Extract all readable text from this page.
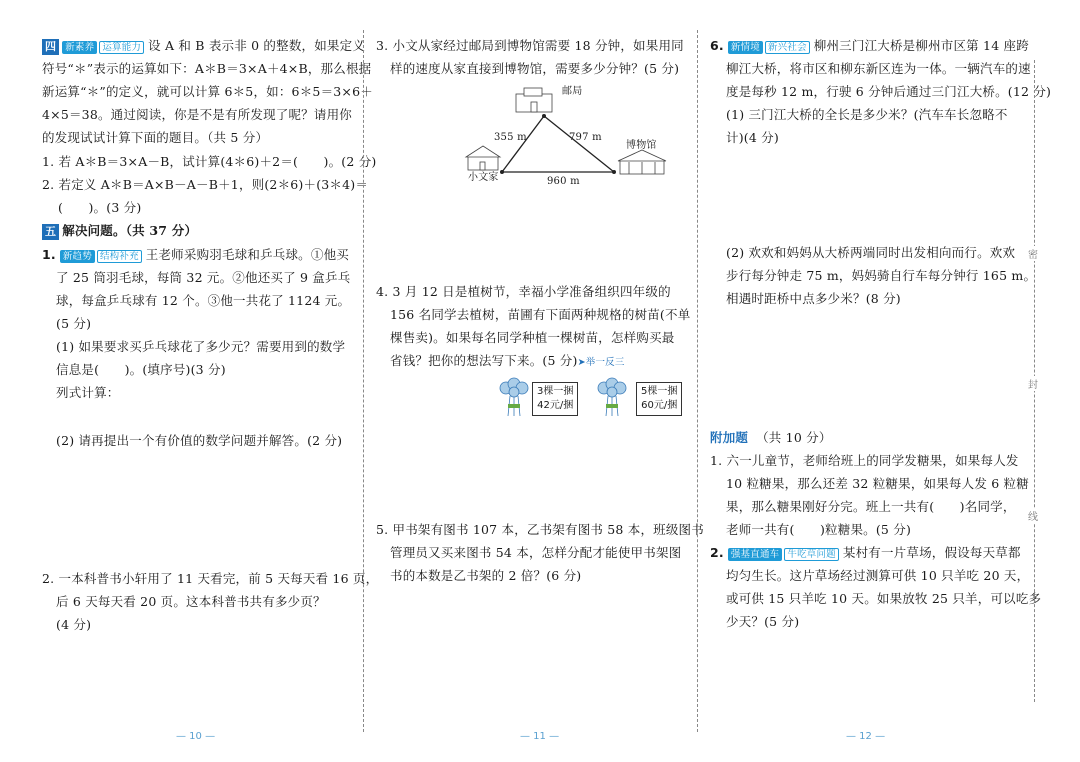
四 新素养 运算能力 设 A 和 B 表示非 0 的整数，如果定义
符号“＊”表示的运算如下：A＊B＝3×A＋4×B，那么根据
新运算“＊”的定义，就可以计算 6＊5，如：6＊5＝3×6＋
4×5＝38。通过阅读，你是不是有所发现了呢？请用你
的发现试试计算下面的题目。（共 5 分）
1. 若 A＊B＝3×A－B，试计算(4＊6)＋2＝(　　)。(2 分)
2. 若定义 A＊B＝A×B－A－B＋1，则(2＊6)＋(3＊4)＝
(　　)。(3 分)
五 解决问题。（共 37 分）
1. 新趋势 结构补充 王老师采购羽毛球和乒乓球。①他买
了 25 筒羽毛球，每筒 32 元。②他还买了 9 盒乒乓
球，每盒乒乓球有 12 个。③他一共花了 1124 元。
(5 分)
(1) 如果要求买乒乓球花了多少元？需要用到的数学
信息是(　　)。(填序号)(3 分)
列式计算：
(2) 请再提出一个有价值的数学问题并解答。(2 分)
2. 一本科普书小轩用了 11 天看完，前 5 天每天看 16 页，
后 6 天每天看 20 页。这本科普书共有多少页？
(4 分)
— 10 —
3. 小文从家经过邮局到博物馆需要 18 分钟，如果用同
样的速度从家直接到博物馆，需要多少分钟？(5 分)
邮局
博物馆
小文家
355 m	797 m
960 m
4. 3 月 12 日是植树节，幸福小学准备组织四年级的
156 名同学去植树，苗圃有下面两种规格的树苗(不单
棵售卖)。如果每名同学种植一棵树苗，怎样购买最
省钱？把你的想法写下来。(5 分)➤举一反三
3棵一捆
42元/捆
5棵一捆
60元/捆
5. 甲书架有图书 107 本，乙书架有图书 58 本，班级图书
管理员又买来图书 54 本，怎样分配才能使甲书架图
书的本数是乙书架的 2 倍？(6 分)
— 11 —
6. 新情境 新兴社会 柳州三门江大桥是柳州市区第 14 座跨
柳江大桥，将市区和柳东新区连为一体。一辆汽车的速
度是每秒 12 m，行驶 6 分钟后通过三门江大桥。(12 分)
(1) 三门江大桥的全长是多少米？(汽车车长忽略不
计)(4 分)
(2) 欢欢和妈妈从大桥两端同时出发相向而行。欢欢
步行每分钟走 75 m，妈妈骑自行车每分钟行 165 m。
相遇时距桥中点多少米？(8 分)
附加题 （共 10 分）
1. 六一儿童节，老师给班上的同学发糖果，如果每人发
10 粒糖果，那么还差 32 粒糖果，如果每人发 6 粒糖
果，那么糖果刚好分完。班上一共有(　　)名同学，
老师一共有(　　)粒糖果。(5 分)
2. 强基直通车 牛吃草问题 某村有一片草场，假设每天草都
均匀生长。这片草场经过测算可供 10 只羊吃 20 天，
或可供 15 只羊吃 10 天。如果放牧 25 只羊，可以吃多
少天？(5 分)
密
封
线
— 12 —
